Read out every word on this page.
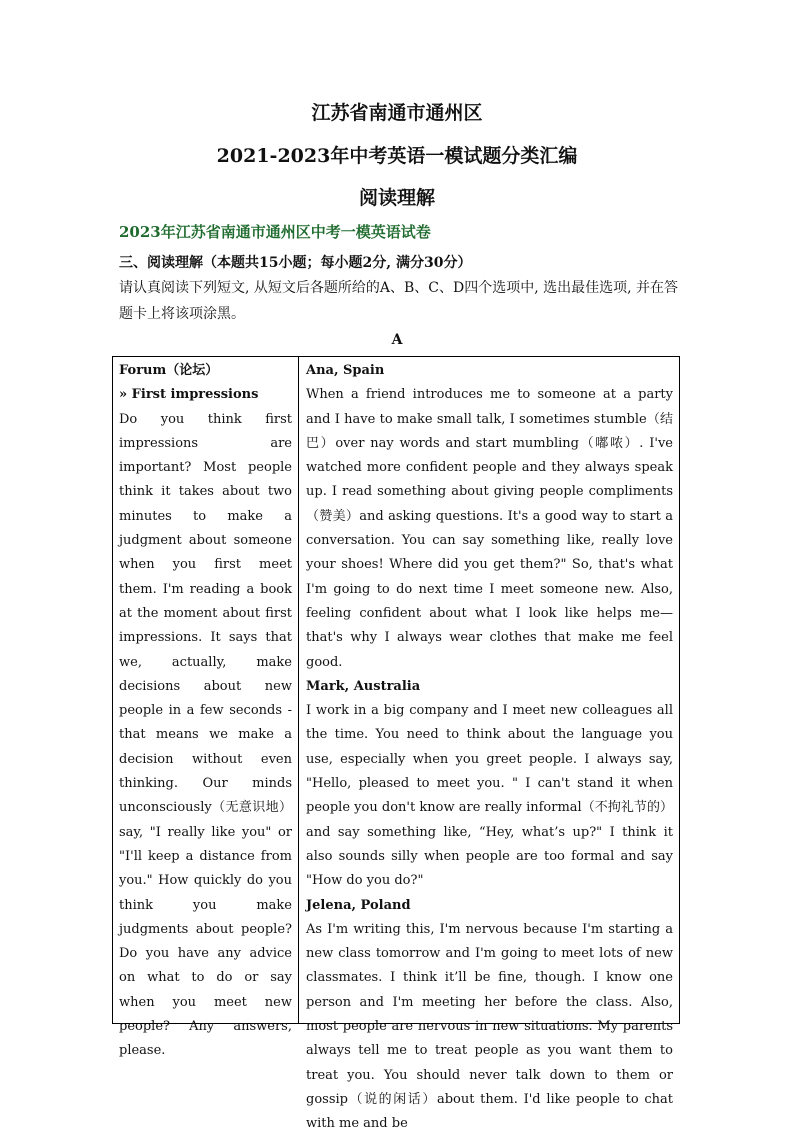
江苏省南通市通州区
2021-2023年中考英语一模试题分类汇编
阅读理解
2023年江苏省南通市通州区中考一模英语试卷
三、阅读理解（本题共15小题；每小题2分, 满分30分）
请认真阅读下列短文, 从短文后各题所给的A、B、C、D四个选项中, 选出最佳选项, 并在答题卡上将该项涂黑。
A
Forum（论坛）
» First impressions
Do you think first impressions are important? Most people think it takes about two minutes to make a judgment about someone when you first meet them. I'm reading a book at the moment about first impressions. It says that we, actually, make decisions about new people in a few seconds -that means we make a decision without even thinking. Our minds unconsciously（无意识地）say, "I really like you" or "I'll keep a distance from you." How quickly do you think you make judgments about people? Do you have any advice on what to do or say when you meet new people? Any answers, please.
Ana, Spain
When a friend introduces me to someone at a party and I have to make small talk, I sometimes stumble（结巴）over nay words and start mumbling（嘟哝）. I've watched more confident people and they always speak up. I read something about giving people compliments（赞美）and asking questions. It's a good way to start a conversation. You can say something like, really love your shoes! Where did you get them?" So, that's what I'm going to do next time I meet someone new. Also, feeling confident about what I look like helps me— that's why I always wear clothes that make me feel good.
Mark, Australia
I work in a big company and I meet new colleagues all the time. You need to think about the language you use, especially when you greet people. I always say, "Hello, pleased to meet you. " I can't stand it when people you don't know are really informal（不拘礼节的）and say something like, “Hey, what’s up?" I think it also sounds silly when people are too formal and say "How do you do?"
Jelena, Poland
As I'm writing this, I'm nervous because I'm starting a new class tomorrow and I'm going to meet lots of new classmates. I think it’ll be fine, though. I know one person and I'm meeting her before the class. Also, most people are nervous in new situations. My parents always tell me to treat people as you want them to treat you. You should never talk down to them or gossip（说的闲话）about them. I'd like people to chat with me and be
